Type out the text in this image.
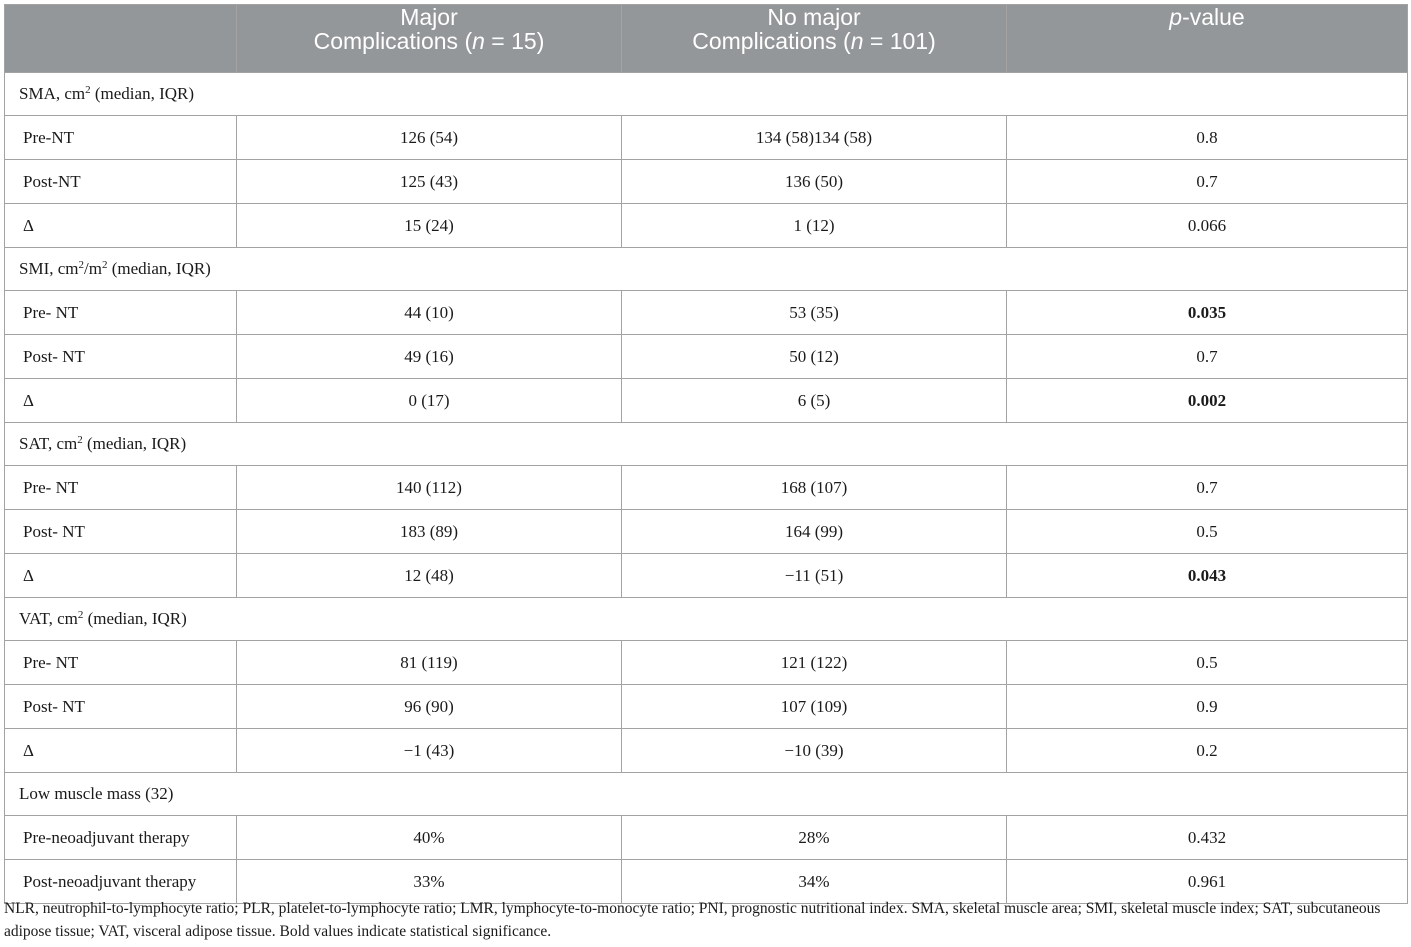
	Major
Complications (n = 15)	No major
Complications (n = 101)	p-value
SMA, $cm^2$ (median, IQR)			
Pre-NT	126 (54)	134 (58)134 (58)	0.8
Post-NT	125 (43)	136 (50)	0.7
Δ	15 (24)	1 (12)	0.066
SMI, $cm^2/m^2$ (median, IQR)			
Pre- NT	44 (10)	53 (35)	0.035
Post- NT	49 (16)	50 (12)	0.7
Δ	0 (17)	6 (5)	0.002
SAT, $cm^2$ (median, IQR)			
Pre- NT	140 (112)	168 (107)	0.7
Post- NT	183 (89)	164 (99)	0.5
Δ	12 (48)	−11 (51)	0.043
VAT, $cm^2$ (median, IQR)			
Pre- NT	81 (119)	121 (122)	0.5
Post- NT	96 (90)	107 (109)	0.9
Δ	−1 (43)	−10 (39)	0.2
Low muscle mass (32)			
Pre-neoadjuvant therapy	40%	28%	0.432
Post-neoadjuvant therapy	33%	34%	0.961
NLR, neutrophil-to-lymphocyte ratio; PLR, platelet-to-lymphocyte ratio; LMR, lymphocyte-to-monocyte ratio; PNI, prognostic nutritional index. SMA, skeletal muscle area; SMI, skeletal muscle index; SAT, subcutaneous adipose tissue; VAT, visceral adipose tissue. Bold values indicate statistical significance.
